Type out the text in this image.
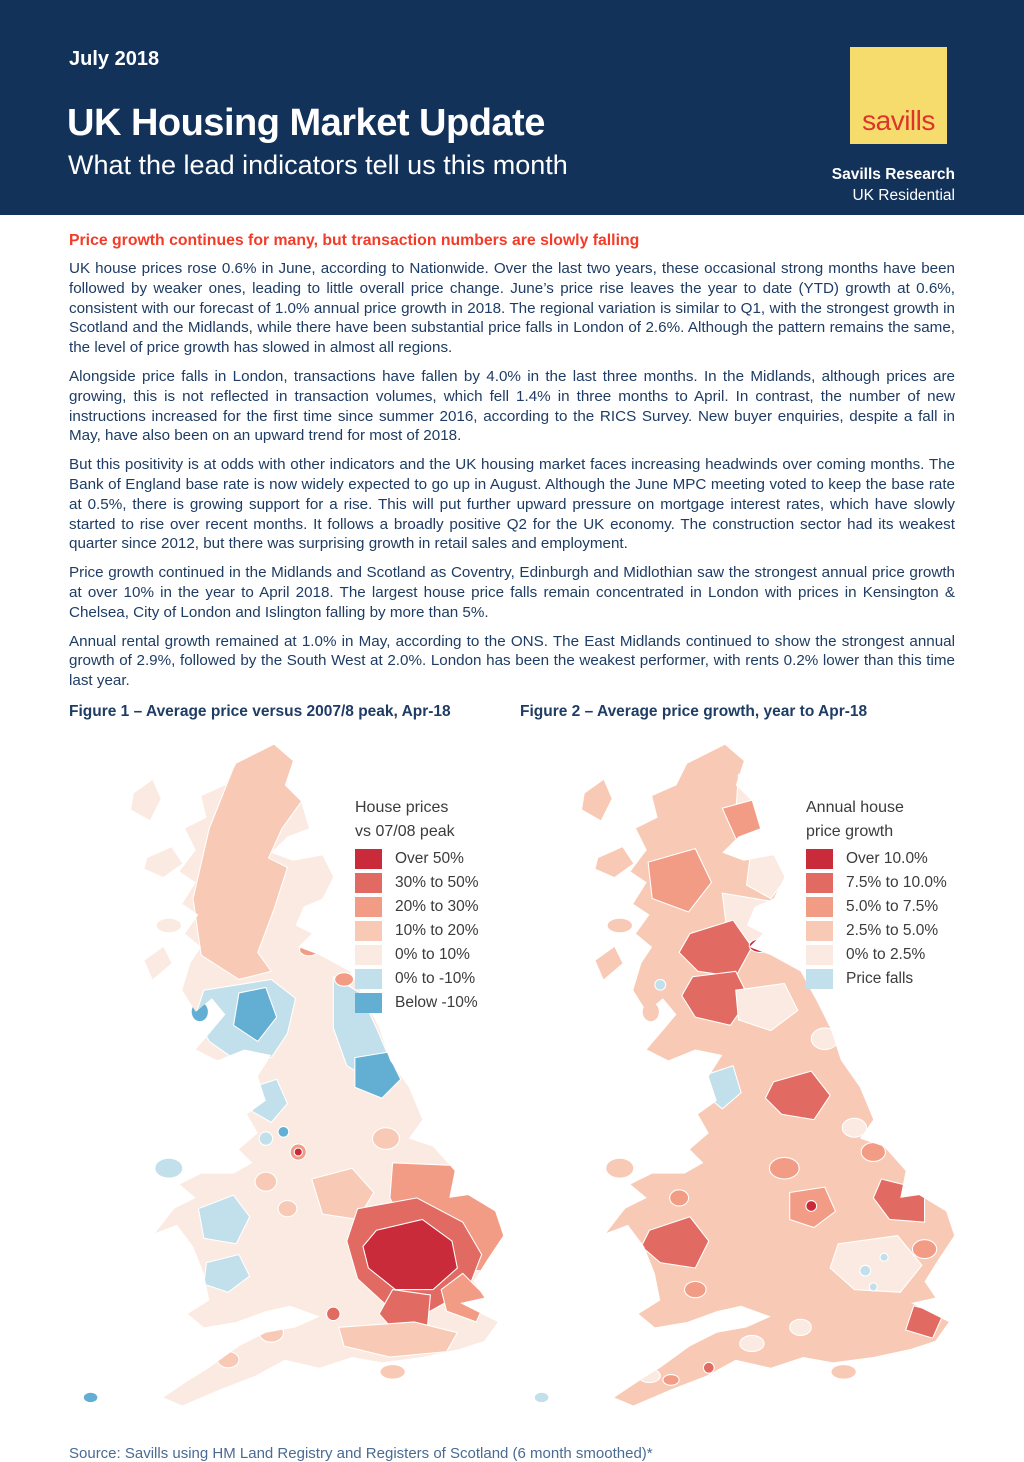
July 2018
UK Housing Market Update
What the lead indicators tell us this month
savills
Savills Research
UK Residential
Price growth continues for many, but transaction numbers are slowly falling

UK house prices rose 0.6% in June, according to Nationwide. Over the last two years, these occasional strong months have been followed by weaker ones, leading to little overall price change. June’s price rise leaves the year to date (YTD) growth at 0.6%, consistent with our forecast of 1.0% annual price growth in 2018. The regional variation is similar to Q1, with the strongest growth in Scotland and the Midlands, while there have been substantial price falls in London of 2.6%. Although the pattern remains the same, the level of price growth has slowed in almost all regions.

Alongside price falls in London, transactions have fallen by 4.0% in the last three months. In the Midlands, although prices are growing, this is not reflected in transaction volumes, which fell 1.4% in three months to April. In contrast, the number of new instructions increased for the first time since summer 2016, according to the RICS Survey. New buyer enquiries, despite a fall in May, have also been on an upward trend for most of 2018.

But this positivity is at odds with other indicators and the UK housing market faces increasing headwinds over coming months. The Bank of England base rate is now widely expected to go up in August. Although the June MPC meeting voted to keep the base rate at 0.5%, there is growing support for a rise. This will put further upward pressure on mortgage interest rates, which have slowly started to rise over recent months. It follows a broadly positive Q2 for the UK economy. The construction sector had its weakest quarter since 2012, but there was surprising growth in retail sales and employment.

Price growth continued in the Midlands and Scotland as Coventry, Edinburgh and Midlothian saw the strongest annual price growth at over 10% in the year to April 2018. The largest house price falls remain concentrated in London with prices in Kensington & Chelsea, City of London and Islington falling by more than 5%.

Annual rental growth remained at 1.0% in May, according to the ONS. The East Midlands continued to show the strongest annual growth of 2.9%, followed by the South West at 2.0%. London has been the weakest performer, with rents 0.2% lower than this time last year.

Figure 1 – Average price versus 2007/8 peak, Apr-18
House prices
vs 07/08 peak
Over 50%
30% to 50%
20% to 30%
10% to 20%
0% to 10%
0% to -10%
Below -10%
Figure 2 – Average price growth, year to Apr-18
Annual house
price growth
Over 10.0%
7.5% to 10.0%
5.0% to 7.5%
2.5% to 5.0%
0% to 2.5%
Price falls

Source: Savills using HM Land Registry and Registers of Scotland (6 month smoothed)*
